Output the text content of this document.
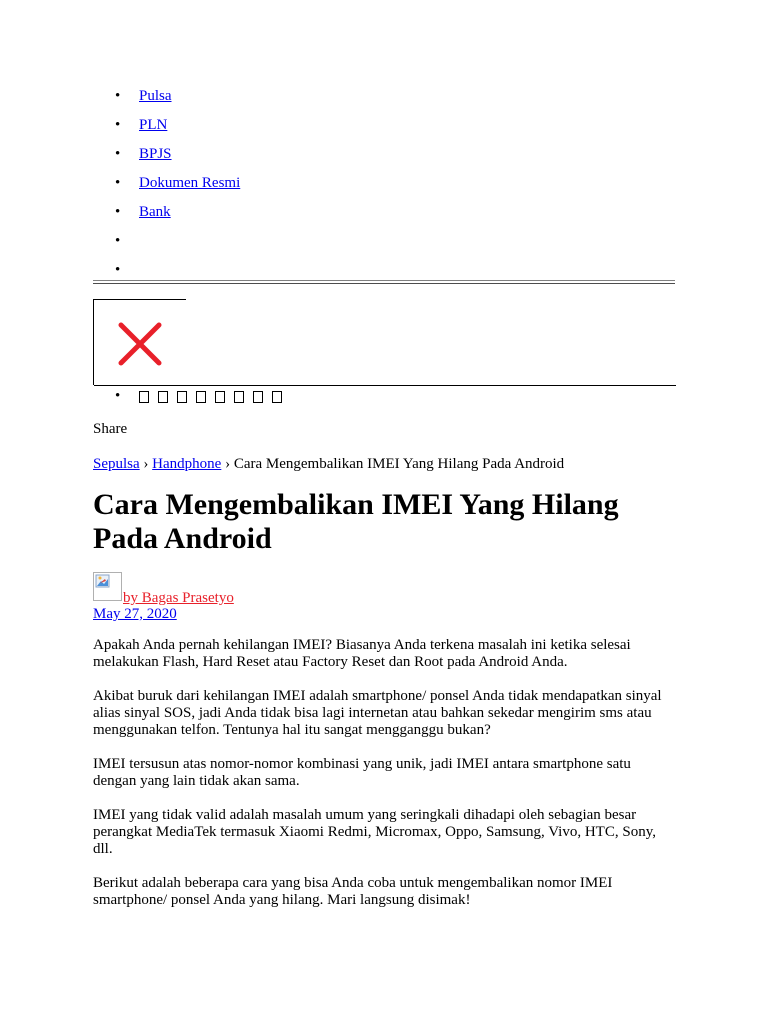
• Pulsa
• PLN
• BPJS
• Dokumen Resmi
• Bank
•
•
•
Share
Sepulsa › Handphone › Cara Mengembalikan IMEI Yang Hilang Pada Android
Cara Mengembalikan IMEI Yang Hilang Pada Android
by Bagas Prasetyo
May 27, 2020

Apakah Anda pernah kehilangan IMEI? Biasanya Anda terkena masalah ini ketika selesai melakukan Flash, Hard Reset atau Factory Reset dan Root pada Android Anda.

Akibat buruk dari kehilangan IMEI adalah smartphone/ ponsel Anda tidak mendapatkan sinyal alias sinyal SOS, jadi Anda tidak bisa lagi internetan atau bahkan sekedar mengirim sms atau menggunakan telfon. Tentunya hal itu sangat mengganggu bukan?

IMEI tersusun atas nomor-nomor kombinasi yang unik, jadi IMEI antara smartphone satu dengan yang lain tidak akan sama.

IMEI yang tidak valid adalah masalah umum yang seringkali dihadapi oleh sebagian besar perangkat MediaTek termasuk Xiaomi Redmi, Micromax, Oppo, Samsung, Vivo, HTC, Sony, dll.

Berikut adalah beberapa cara yang bisa Anda coba untuk mengembalikan nomor IMEI smartphone/ ponsel Anda yang hilang. Mari langsung disimak!
